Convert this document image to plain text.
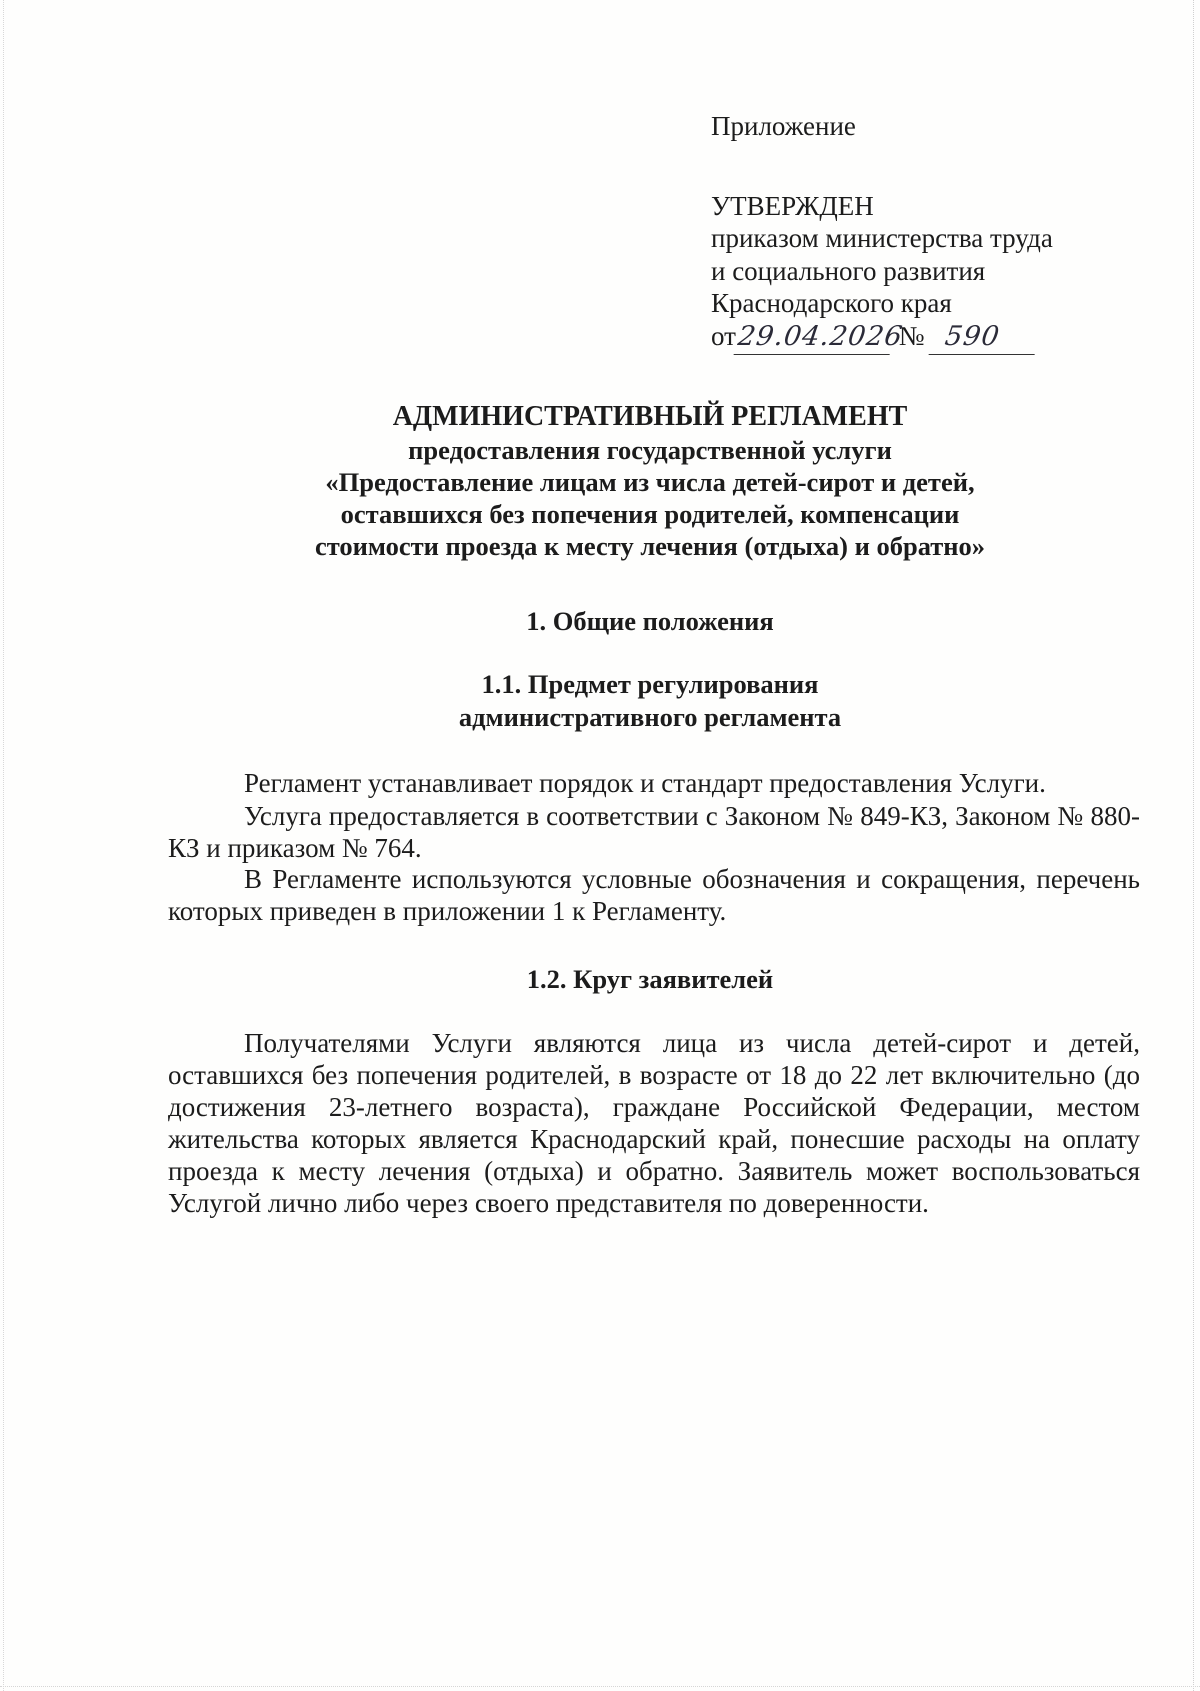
Приложение
УТВЕРЖДЕН
приказом министерства труда
и социального развития
Краснодарского края
от29.04.2026 № 590
АДМИНИСТРАТИВНЫЙ РЕГЛАМЕНТ
предоставления государственной услуги
«Предоставление лицам из числа детей-сирот и детей,
оставшихся без попечения родителей, компенсации
стоимости проезда к месту лечения (отдыха) и обратно»
1. Общие положения
1.1. Предмет регулирования
административного регламента
Регламент устанавливает порядок и стандарт предоставления Услуги.
Услуга предоставляется в соответствии с Законом № 849-КЗ, Законом № 880-КЗ и приказом № 764.
В Регламенте используются условные обозначения и сокращения, перечень которых приведен в приложении 1 к Регламенту.
1.2. Круг заявителей
Получателями Услуги являются лица из числа детей-сирот и детей, оставшихся без попечения родителей, в возрасте от 18 до 22 лет включительно (до достижения 23-летнего возраста), граждане Российской Федерации, местом жительства которых является Краснодарский край, понесшие расходы на оплату проезда к месту лечения (отдыха) и обратно. Заявитель может воспользоваться Услугой лично либо через своего представителя по доверенности.
